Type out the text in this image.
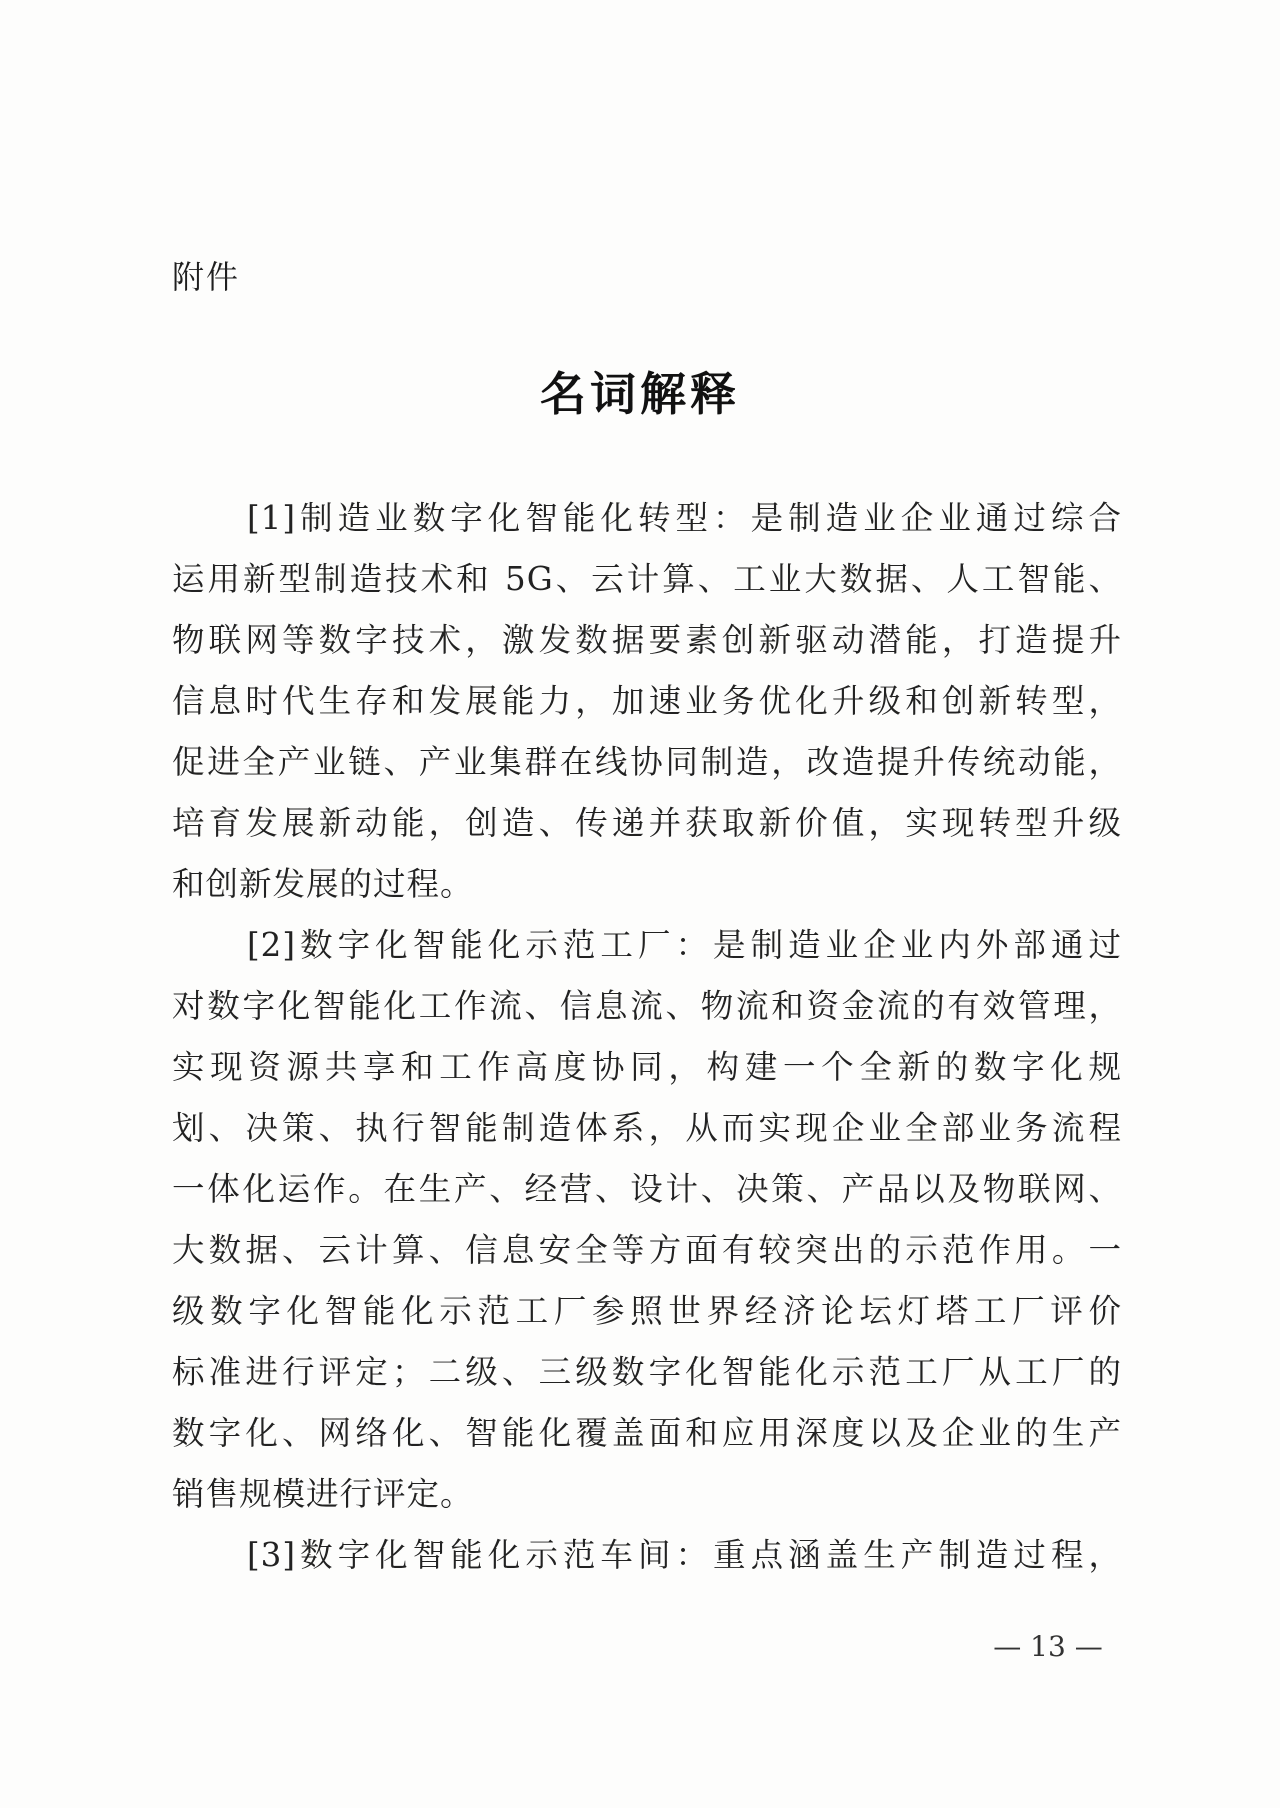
附件
名词解释
[1]制造业数字化智能化转型：是制造业企业通过综合
运用新型制造技术和 5G、云计算、工业大数据、人工智能、
物联网等数字技术，激发数据要素创新驱动潜能，打造提升
信息时代生存和发展能力，加速业务优化升级和创新转型，
促进全产业链、产业集群在线协同制造，改造提升传统动能，
培育发展新动能，创造、传递并获取新价值，实现转型升级
和创新发展的过程。
[2]数字化智能化示范工厂：是制造业企业内外部通过
对数字化智能化工作流、信息流、物流和资金流的有效管理，
实现资源共享和工作高度协同，构建一个全新的数字化规
划、决策、执行智能制造体系，从而实现企业全部业务流程
一体化运作。在生产、经营、设计、决策、产品以及物联网、
大数据、云计算、信息安全等方面有较突出的示范作用。一
级数字化智能化示范工厂参照世界经济论坛灯塔工厂评价
标准进行评定；二级、三级数字化智能化示范工厂从工厂的
数字化、网络化、智能化覆盖面和应用深度以及企业的生产
销售规模进行评定。
[3]数字化智能化示范车间：重点涵盖生产制造过程，
— 13 —
